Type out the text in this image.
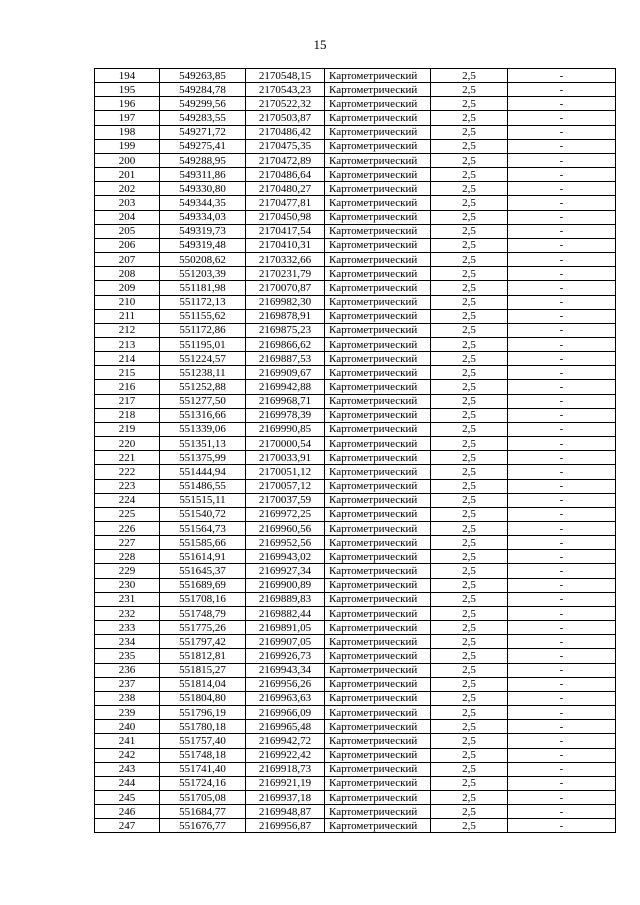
15
194	549263,85	2170548,15	Картометрический	2,5	-
195	549284,78	2170543,23	Картометрический	2,5	-
196	549299,56	2170522,32	Картометрический	2,5	-
197	549283,55	2170503,87	Картометрический	2,5	-
198	549271,72	2170486,42	Картометрический	2,5	-
199	549275,41	2170475,35	Картометрический	2,5	-
200	549288,95	2170472,89	Картометрический	2,5	-
201	549311,86	2170486,64	Картометрический	2,5	-
202	549330,80	2170480,27	Картометрический	2,5	-
203	549344,35	2170477,81	Картометрический	2,5	-
204	549334,03	2170450,98	Картометрический	2,5	-
205	549319,73	2170417,54	Картометрический	2,5	-
206	549319,48	2170410,31	Картометрический	2,5	-
207	550208,62	2170332,66	Картометрический	2,5	-
208	551203,39	2170231,79	Картометрический	2,5	-
209	551181,98	2170070,87	Картометрический	2,5	-
210	551172,13	2169982,30	Картометрический	2,5	-
211	551155,62	2169878,91	Картометрический	2,5	-
212	551172,86	2169875,23	Картометрический	2,5	-
213	551195,01	2169866,62	Картометрический	2,5	-
214	551224,57	2169887,53	Картометрический	2,5	-
215	551238,11	2169909,67	Картометрический	2,5	-
216	551252,88	2169942,88	Картометрический	2,5	-
217	551277,50	2169968,71	Картометрический	2,5	-
218	551316,66	2169978,39	Картометрический	2,5	-
219	551339,06	2169990,85	Картометрический	2,5	-
220	551351,13	2170000,54	Картометрический	2,5	-
221	551375,99	2170033,91	Картометрический	2,5	-
222	551444,94	2170051,12	Картометрический	2,5	-
223	551486,55	2170057,12	Картометрический	2,5	-
224	551515,11	2170037,59	Картометрический	2,5	-
225	551540,72	2169972,25	Картометрический	2,5	-
226	551564,73	2169960,56	Картометрический	2,5	-
227	551585,66	2169952,56	Картометрический	2,5	-
228	551614,91	2169943,02	Картометрический	2,5	-
229	551645,37	2169927,34	Картометрический	2,5	-
230	551689,69	2169900,89	Картометрический	2,5	-
231	551708,16	2169889,83	Картометрический	2,5	-
232	551748,79	2169882,44	Картометрический	2,5	-
233	551775,26	2169891,05	Картометрический	2,5	-
234	551797,42	2169907,05	Картометрический	2,5	-
235	551812,81	2169926,73	Картометрический	2,5	-
236	551815,27	2169943,34	Картометрический	2,5	-
237	551814,04	2169956,26	Картометрический	2,5	-
238	551804,80	2169963,63	Картометрический	2,5	-
239	551796,19	2169966,09	Картометрический	2,5	-
240	551780,18	2169965,48	Картометрический	2,5	-
241	551757,40	2169942,72	Картометрический	2,5	-
242	551748,18	2169922,42	Картометрический	2,5	-
243	551741,40	2169918,73	Картометрический	2,5	-
244	551724,16	2169921,19	Картометрический	2,5	-
245	551705,08	2169937,18	Картометрический	2,5	-
246	551684,77	2169948,87	Картометрический	2,5	-
247	551676,77	2169956,87	Картометрический	2,5	-
